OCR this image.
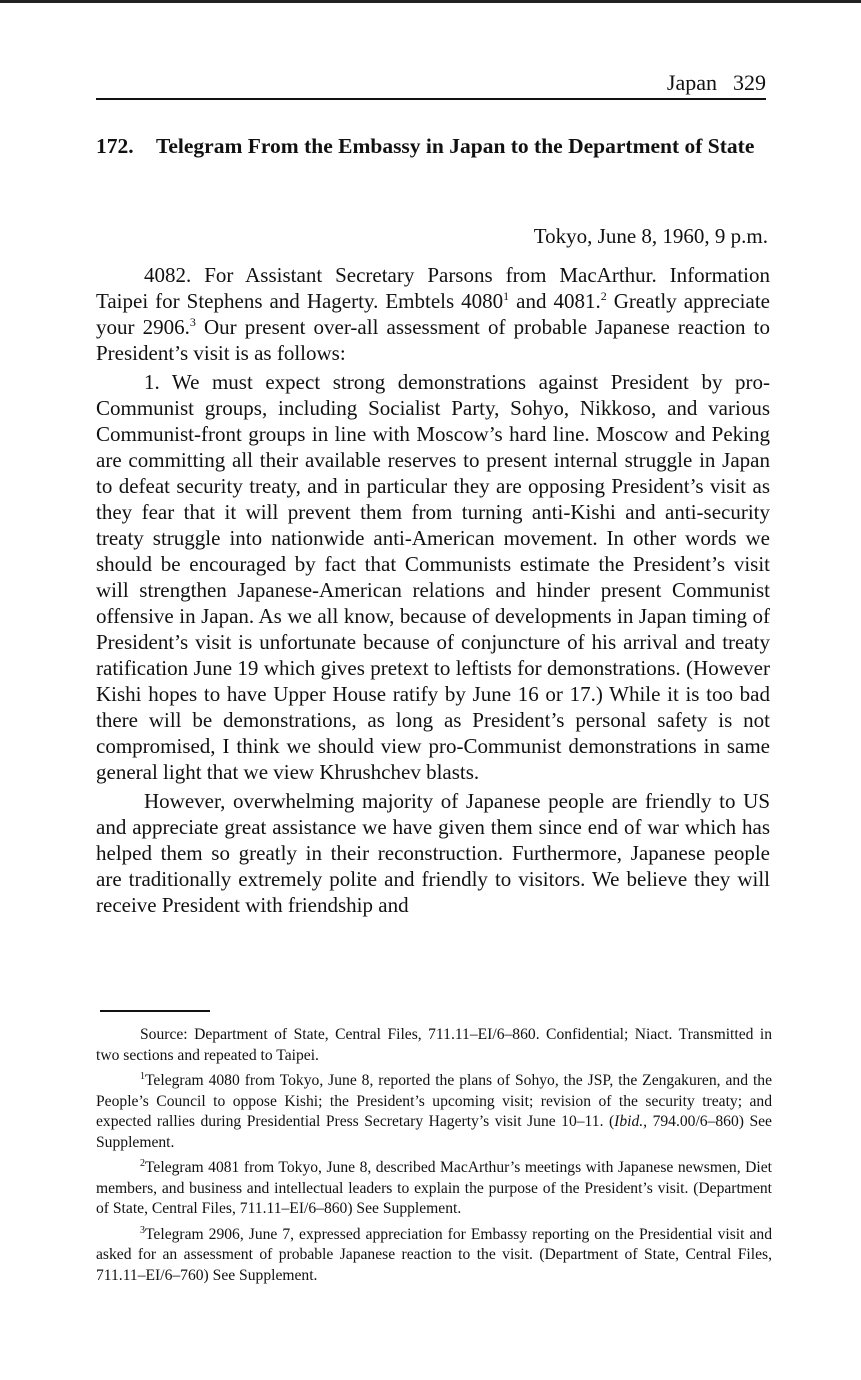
Japan 329
172. Telegram From the Embassy in Japan to the Department of State
Tokyo, June 8, 1960, 9 p.m.

4082. For Assistant Secretary Parsons from MacArthur. Information Taipei for Stephens and Hagerty. Embtels 4080$^1$ and 4081.$^2$ Greatly appreciate your 2906.$^3$ Our present over-all assessment of probable Japanese reaction to President’s visit is as follows:

1. We must expect strong demonstrations against President by pro-Communist groups, including Socialist Party, Sohyo, Nikkoso, and various Communist-front groups in line with Moscow’s hard line. Moscow and Peking are committing all their available reserves to present internal struggle in Japan to defeat security treaty, and in particular they are opposing President’s visit as they fear that it will prevent them from turning anti-Kishi and anti-security treaty struggle into nationwide anti-American movement. In other words we should be encouraged by fact that Communists estimate the President’s visit will strengthen Japanese-American relations and hinder present Communist offensive in Japan. As we all know, because of developments in Japan timing of President’s visit is unfortunate because of conjuncture of his arrival and treaty ratification June 19 which gives pretext to leftists for demonstrations. (However Kishi hopes to have Upper House ratify by June 16 or 17.) While it is too bad there will be demonstrations, as long as President’s personal safety is not compromised, I think we should view pro-Communist demonstrations in same general light that we view Khrushchev blasts.

However, overwhelming majority of Japanese people are friendly to US and appreciate great assistance we have given them since end of war which has helped them so greatly in their reconstruction. Furthermore, Japanese people are traditionally extremely polite and friendly to visitors. We believe they will receive President with friendship and

Source: Department of State, Central Files, 711.11–EI/6–860. Confidential; Niact. Transmitted in two sections and repeated to Taipei.

$^1$Telegram 4080 from Tokyo, June 8, reported the plans of Sohyo, the JSP, the Zengakuren, and the People’s Council to oppose Kishi; the President’s upcoming visit; revision of the security treaty; and expected rallies during Presidential Press Secretary Hagerty’s visit June 10–11. (Ibid., 794.00/6–860) See Supplement.

$^2$Telegram 4081 from Tokyo, June 8, described MacArthur’s meetings with Japanese newsmen, Diet members, and business and intellectual leaders to explain the purpose of the President’s visit. (Department of State, Central Files, 711.11–EI/6–860) See Supplement.

$^3$Telegram 2906, June 7, expressed appreciation for Embassy reporting on the Presidential visit and asked for an assessment of probable Japanese reaction to the visit. (Department of State, Central Files, 711.11–EI/6–760) See Supplement.
